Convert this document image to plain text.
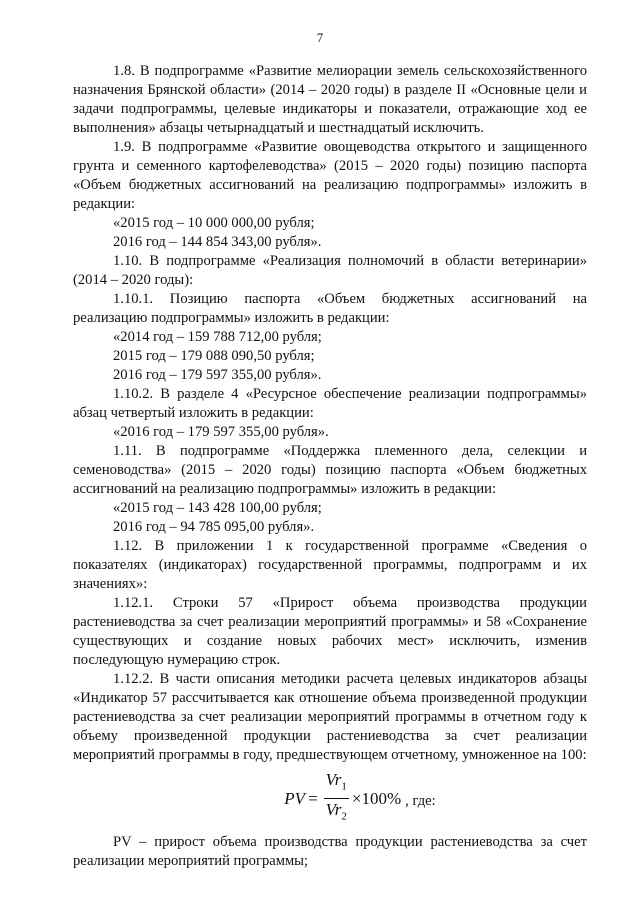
7
1.8. В подпрограмме «Развитие мелиорации земель сельскохозяйственного назначения Брянской области» (2014 – 2020 годы) в разделе II «Основные цели и задачи подпрограммы, целевые индикаторы и показатели, отражающие ход ее выполнения» абзацы четырнадцатый и шестнадцатый исключить.
1.9. В подпрограмме «Развитие овощеводства открытого и защищенного грунта и семенного картофелеводства» (2015 – 2020 годы) позицию паспорта «Объем бюджетных ассигнований на реализацию подпрограммы» изложить в редакции:
«2015 год – 10 000 000,00 рубля;
2016 год – 144 854 343,00 рубля».
1.10. В подпрограмме «Реализация полномочий в области ветеринарии» (2014 – 2020 годы):
1.10.1. Позицию паспорта «Объем бюджетных ассигнований на реализацию подпрограммы» изложить в редакции:
«2014 год – 159 788 712,00 рубля;
2015 год – 179 088 090,50 рубля;
2016 год – 179 597 355,00 рубля».
1.10.2. В разделе 4 «Ресурсное обеспечение реализации подпрограммы» абзац четвертый изложить в редакции:
«2016 год – 179 597 355,00 рубля».
1.11. В подпрограмме «Поддержка племенного дела, селекции и семеноводства» (2015 – 2020 годы) позицию паспорта «Объем бюджетных ассигнований на реализацию подпрограммы» изложить в редакции:
«2015 год – 143 428 100,00 рубля;
2016 год – 94 785 095,00 рубля».
1.12. В приложении 1 к государственной программе «Сведения о показателях (индикаторах) государственной программы, подпрограмм и их значениях»:
1.12.1. Строки 57 «Прирост объема производства продукции растениеводства за счет реализации мероприятий программы» и 58 «Сохранение существующих и создание новых рабочих мест» исключить, изменив последующую нумерацию строк.
1.12.2. В части описания методики расчета целевых индикаторов абзацы «Индикатор 57 рассчитывается как отношение объема произведенной продукции растениеводства за счет реализации мероприятий программы в отчетном году к объему произведенной продукции растениеводства за счет реализации мероприятий программы в году, предшествующем отчетному, умноженное на 100:
PV = $\frac{Vr_1}{Vr_2} \times 100\%$ , где:
PV – прирост объема производства продукции растениеводства за счет реализации мероприятий программы;
